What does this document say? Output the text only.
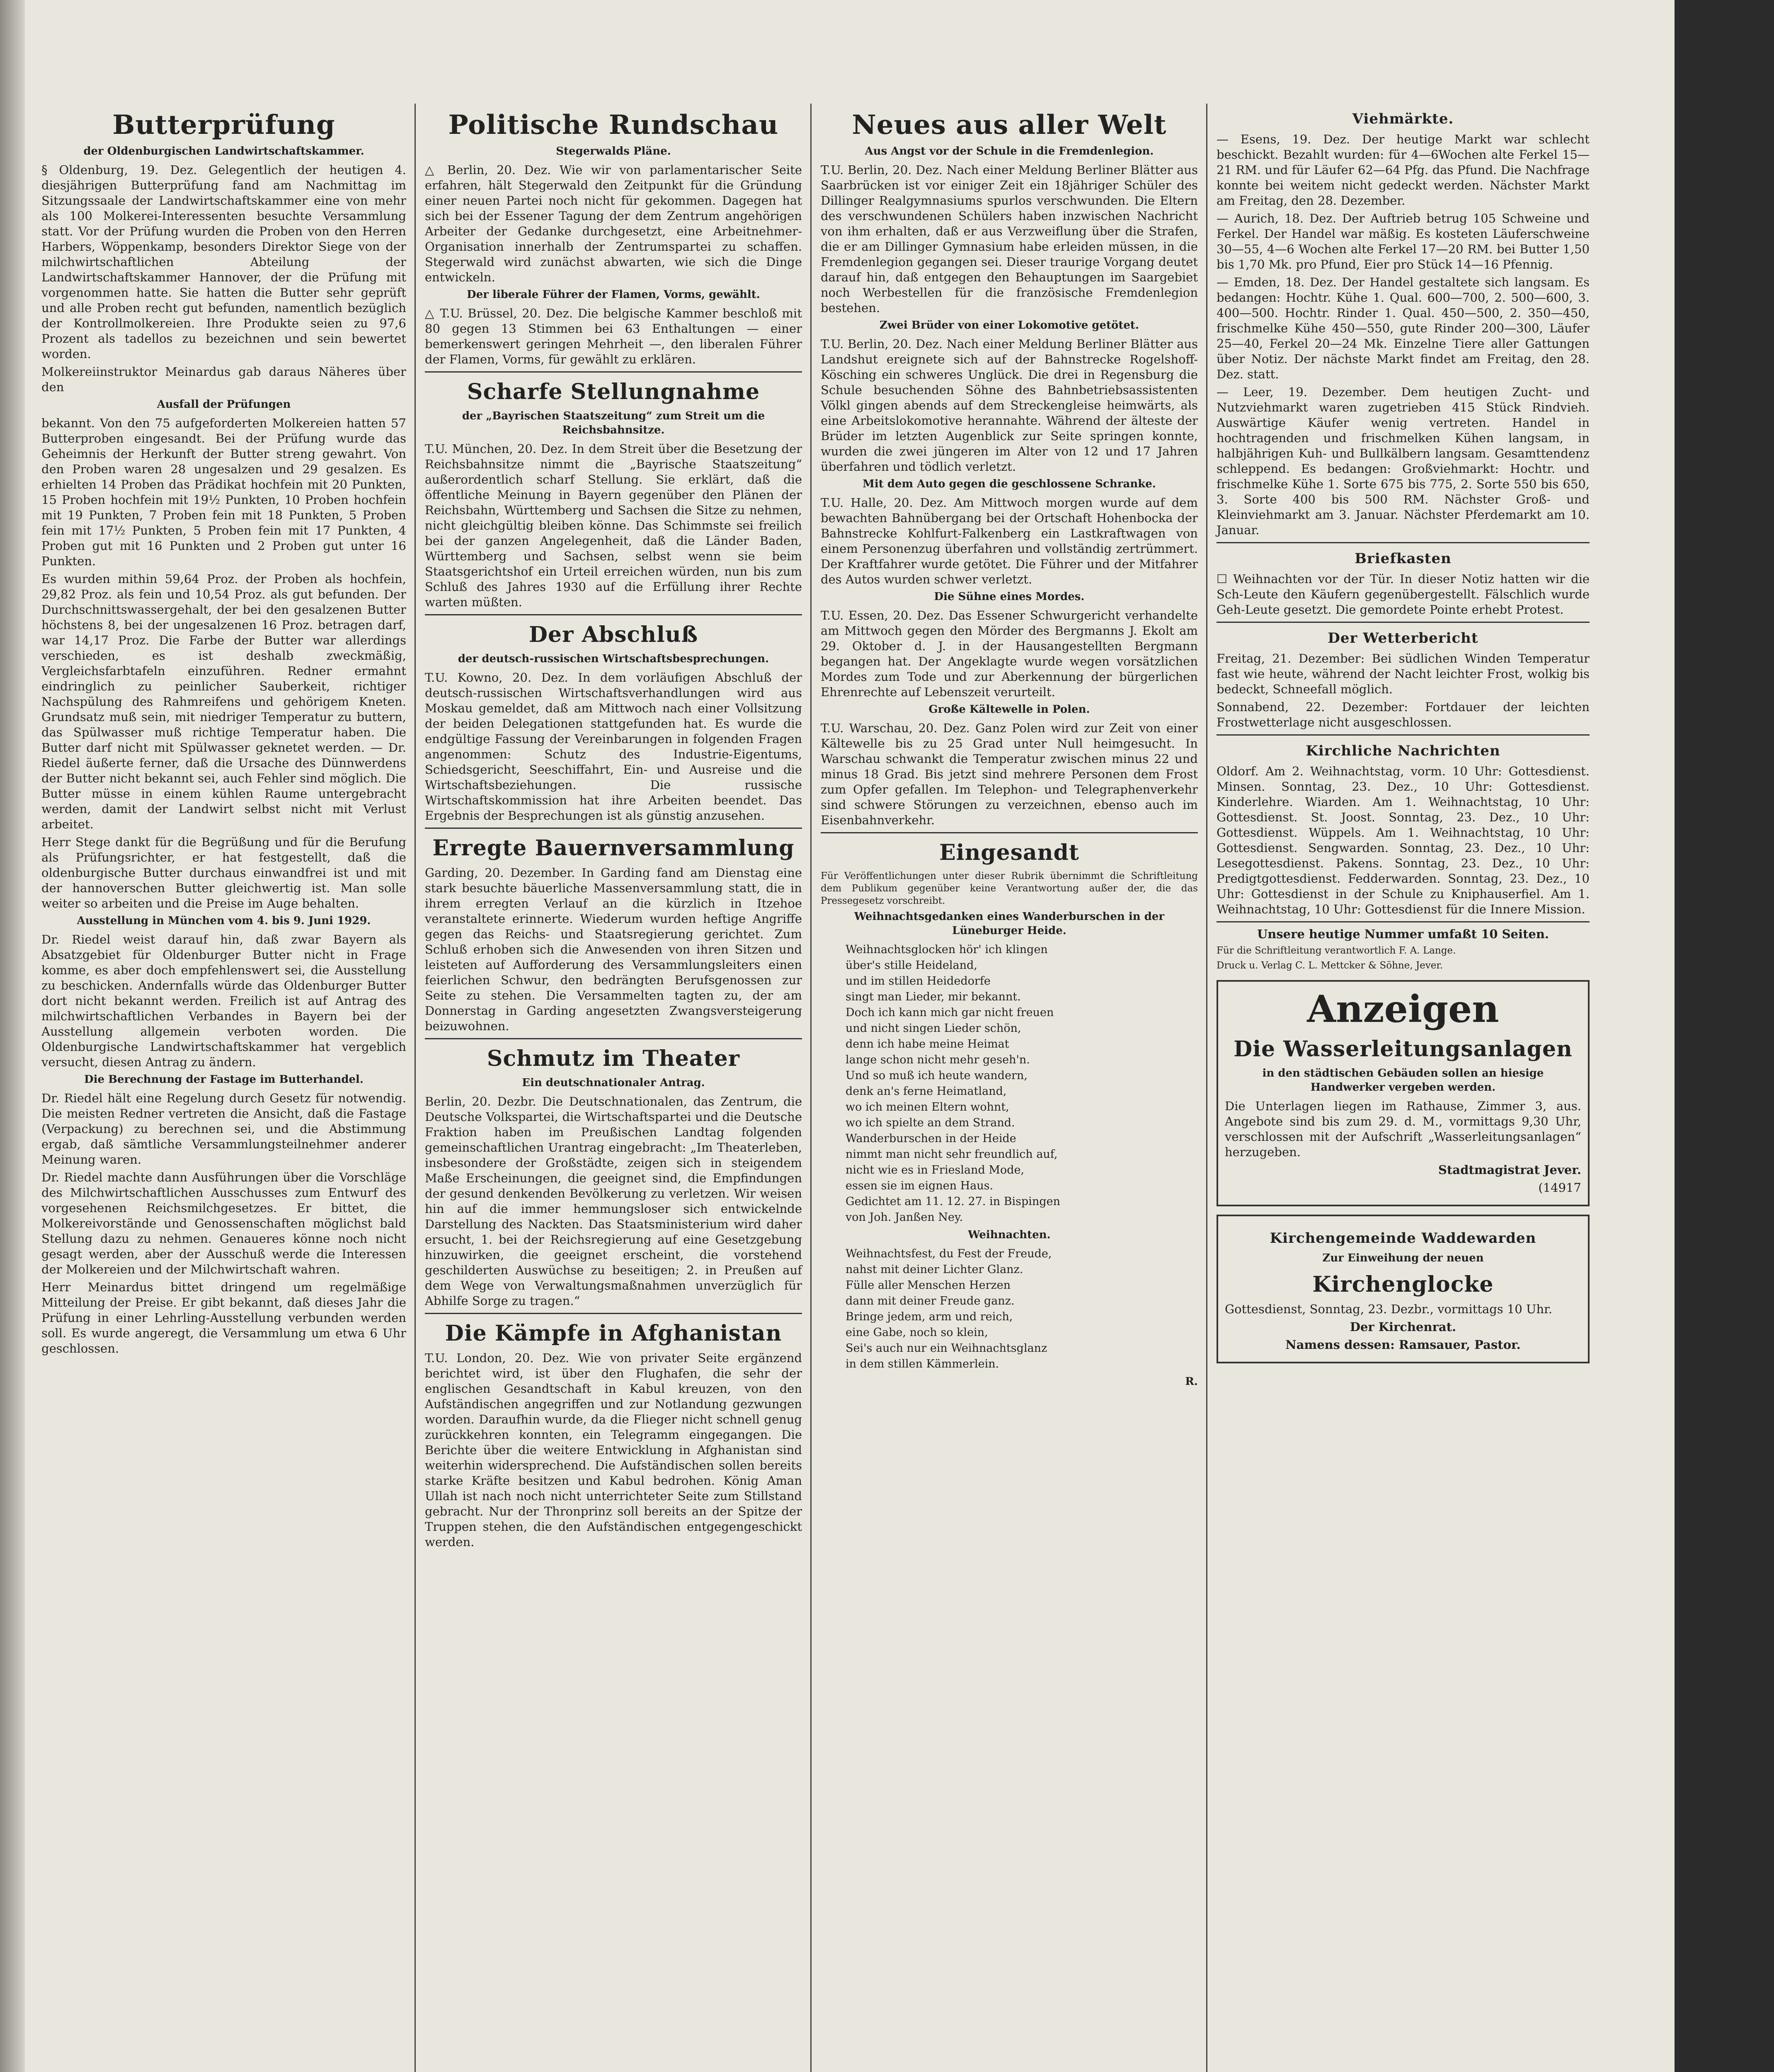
Butterprüfung
der Oldenburgischen Landwirtschaftskammer.

§ Oldenburg, 19. Dez. Gelegentlich der heutigen 4. diesjährigen Butterprüfung fand am Nachmittag im Sitzungssaale der Landwirtschaftskammer eine von mehr als 100 Molkerei-Interessenten besuchte Versammlung statt. Vor der Prüfung wurden die Proben von den Herren Harbers, Wöppenkamp, besonders Direktor Siege von der milchwirtschaftlichen Abteilung der Landwirtschaftskammer Hannover, der die Prüfung mit vorgenommen hatte. Sie hatten die Butter sehr geprüft und alle Proben recht gut befunden, namentlich bezüglich der Kontrollmolkereien. Ihre Produkte seien zu 97,6 Prozent als tadellos zu bezeichnen und sein bewertet worden.

Molkereiinstruktor Meinardus gab daraus Näheres über den

Ausfall der Prüfungen

bekannt. Von den 75 aufgeforderten Molkereien hatten 57 Butterproben eingesandt. Bei der Prüfung wurde das Geheimnis der Herkunft der Butter streng gewahrt. Von den Proben waren 28 ungesalzen und 29 gesalzen. Es erhielten 14 Proben das Prädikat hochfein mit 20 Punkten, 15 Proben hochfein mit 19½ Punkten, 10 Proben hochfein mit 19 Punkten, 7 Proben fein mit 18 Punkten, 5 Proben fein mit 17½ Punkten, 5 Proben fein mit 17 Punkten, 4 Proben gut mit 16 Punkten und 2 Proben gut unter 16 Punkten.

Es wurden mithin 59,64 Proz. der Proben als hochfein, 29,82 Proz. als fein und 10,54 Proz. als gut befunden. Der Durchschnittswassergehalt, der bei den gesalzenen Butter höchstens 8, bei der ungesalzenen 16 Proz. betragen darf, war 14,17 Proz. Die Farbe der Butter war allerdings verschieden, es ist deshalb zweckmäßig, Vergleichsfarbtafeln einzuführen. Redner ermahnt eindringlich zu peinlicher Sauberkeit, richtiger Nachspülung des Rahmreifens und gehörigem Kneten. Grundsatz muß sein, mit niedriger Temperatur zu buttern, das Spülwasser muß richtige Temperatur haben. Die Butter darf nicht mit Spülwasser geknetet werden. — Dr. Riedel äußerte ferner, daß die Ursache des Dünnwerdens der Butter nicht bekannt sei, auch Fehler sind möglich. Die Butter müsse in einem kühlen Raume untergebracht werden, damit der Landwirt selbst nicht mit Verlust arbeitet.

Herr Stege dankt für die Begrüßung und für die Berufung als Prüfungsrichter, er hat festgestellt, daß die oldenburgische Butter durchaus einwandfrei ist und mit der hannoverschen Butter gleichwertig ist. Man solle weiter so arbeiten und die Preise im Auge behalten.

Ausstellung in München vom 4. bis 9. Juni 1929.

Dr. Riedel weist darauf hin, daß zwar Bayern als Absatzgebiet für Oldenburger Butter nicht in Frage komme, es aber doch empfehlenswert sei, die Ausstellung zu beschicken. Andernfalls würde das Oldenburger Butter dort nicht bekannt werden. Freilich ist auf Antrag des milchwirtschaftlichen Verbandes in Bayern bei der Ausstellung allgemein verboten worden. Die Oldenburgische Landwirtschaftskammer hat vergeblich versucht, diesen Antrag zu ändern.

Die Berechnung der Fastage im Butterhandel.

Dr. Riedel hält eine Regelung durch Gesetz für notwendig. Die meisten Redner vertreten die Ansicht, daß die Fastage (Verpackung) zu berechnen sei, und die Abstimmung ergab, daß sämtliche Versammlungsteilnehmer anderer Meinung waren.

Dr. Riedel machte dann Ausführungen über die Vorschläge des Milchwirtschaftlichen Ausschusses zum Entwurf des vorgesehenen Reichsmilchgesetzes. Er bittet, die Molkereivorstände und Genossenschaften möglichst bald Stellung dazu zu nehmen. Genaueres könne noch nicht gesagt werden, aber der Ausschuß werde die Interessen der Molkereien und der Milchwirtschaft wahren.

Herr Meinardus bittet dringend um regelmäßige Mitteilung der Preise. Er gibt bekannt, daß dieses Jahr die Prüfung in einer Lehrling-Ausstellung verbunden werden soll. Es wurde angeregt, die Versammlung um etwa 6 Uhr geschlossen.

Politische Rundschau
Stegerwalds Pläne.

△ Berlin, 20. Dez. Wie wir von parlamentarischer Seite erfahren, hält Stegerwald den Zeitpunkt für die Gründung einer neuen Partei noch nicht für gekommen. Dagegen hat sich bei der Essener Tagung der dem Zentrum angehörigen Arbeiter der Gedanke durchgesetzt, eine Arbeitnehmer-Organisation innerhalb der Zentrumspartei zu schaffen. Stegerwald wird zunächst abwarten, wie sich die Dinge entwickeln.

Der liberale Führer der Flamen, Vorms, gewählt.

△ T.U. Brüssel, 20. Dez. Die belgische Kammer beschloß mit 80 gegen 13 Stimmen bei 63 Enthaltungen — einer bemerkenswert geringen Mehrheit —, den liberalen Führer der Flamen, Vorms, für gewählt zu erklären.

Scharfe Stellungnahme
der „Bayrischen Staatszeitung“ zum Streit um die Reichsbahnsitze.

T.U. München, 20. Dez. In dem Streit über die Besetzung der Reichsbahnsitze nimmt die „Bayrische Staatszeitung“ außerordentlich scharf Stellung. Sie erklärt, daß die öffentliche Meinung in Bayern gegenüber den Plänen der Reichsbahn, Württemberg und Sachsen die Sitze zu nehmen, nicht gleichgültig bleiben könne. Das Schimmste sei freilich bei der ganzen Angelegenheit, daß die Länder Baden, Württemberg und Sachsen, selbst wenn sie beim Staatsgerichtshof ein Urteil erreichen würden, nun bis zum Schluß des Jahres 1930 auf die Erfüllung ihrer Rechte warten müßten.

Der Abschluß
der deutsch-russischen Wirtschaftsbesprechungen.

T.U. Kowno, 20. Dez. In dem vorläufigen Abschluß der deutsch-russischen Wirtschaftsverhandlungen wird aus Moskau gemeldet, daß am Mittwoch nach einer Vollsitzung der beiden Delegationen stattgefunden hat. Es wurde die endgültige Fassung der Vereinbarungen in folgenden Fragen angenommen: Schutz des Industrie-Eigentums, Schiedsgericht, Seeschiffahrt, Ein- und Ausreise und die Wirtschaftsbeziehungen. Die russische Wirtschaftskommission hat ihre Arbeiten beendet. Das Ergebnis der Besprechungen ist als günstig anzusehen.

Erregte Bauernversammlung

Garding, 20. Dezember. In Garding fand am Dienstag eine stark besuchte bäuerliche Massenversammlung statt, die in ihrem erregten Verlauf an die kürzlich in Itzehoe veranstaltete erinnerte. Wiederum wurden heftige Angriffe gegen das Reichs- und Staatsregierung gerichtet. Zum Schluß erhoben sich die Anwesenden von ihren Sitzen und leisteten auf Aufforderung des Versammlungsleiters einen feierlichen Schwur, den bedrängten Berufsgenossen zur Seite zu stehen. Die Versammelten tagten zu, der am Donnerstag in Garding angesetzten Zwangsversteigerung beizuwohnen.

Schmutz im Theater
Ein deutschnationaler Antrag.

Berlin, 20. Dezbr. Die Deutschnationalen, das Zentrum, die Deutsche Volkspartei, die Wirtschaftspartei und die Deutsche Fraktion haben im Preußischen Landtag folgenden gemeinschaftlichen Urantrag eingebracht: „Im Theaterleben, insbesondere der Großstädte, zeigen sich in steigendem Maße Erscheinungen, die geeignet sind, die Empfindungen der gesund denkenden Bevölkerung zu verletzen. Wir weisen hin auf die immer hemmungsloser sich entwickelnde Darstellung des Nackten. Das Staatsministerium wird daher ersucht, 1. bei der Reichsregierung auf eine Gesetzgebung hinzuwirken, die geeignet erscheint, die vorstehend geschilderten Auswüchse zu beseitigen; 2. in Preußen auf dem Wege von Verwaltungsmaßnahmen unverzüglich für Abhilfe Sorge zu tragen.“

Die Kämpfe in Afghanistan

T.U. London, 20. Dez. Wie von privater Seite ergänzend berichtet wird, ist über den Flughafen, die sehr der englischen Gesandtschaft in Kabul kreuzen, von den Aufständischen angegriffen und zur Notlandung gezwungen worden. Daraufhin wurde, da die Flieger nicht schnell genug zurückkehren konnten, ein Telegramm eingegangen. Die Berichte über die weitere Entwicklung in Afghanistan sind weiterhin widersprechend. Die Aufständischen sollen bereits starke Kräfte besitzen und Kabul bedrohen. König Aman Ullah ist nach noch nicht unterrichteter Seite zum Stillstand gebracht. Nur der Thronprinz soll bereits an der Spitze der Truppen stehen, die den Aufständischen entgegengeschickt werden.

Neues aus aller Welt
Aus Angst vor der Schule in die Fremdenlegion.

T.U. Berlin, 20. Dez. Nach einer Meldung Berliner Blätter aus Saarbrücken ist vor einiger Zeit ein 18jähriger Schüler des Dillinger Realgymnasiums spurlos verschwunden. Die Eltern des verschwundenen Schülers haben inzwischen Nachricht von ihm erhalten, daß er aus Verzweiflung über die Strafen, die er am Dillinger Gymnasium habe erleiden müssen, in die Fremdenlegion gegangen sei. Dieser traurige Vorgang deutet darauf hin, daß entgegen den Behauptungen im Saargebiet noch Werbestellen für die französische Fremdenlegion bestehen.

Zwei Brüder von einer Lokomotive getötet.

T.U. Berlin, 20. Dez. Nach einer Meldung Berliner Blätter aus Landshut ereignete sich auf der Bahnstrecke Rogelshoff-Kösching ein schweres Unglück. Die drei in Regensburg die Schule besuchenden Söhne des Bahnbetriebsassistenten Völkl gingen abends auf dem Streckengleise heimwärts, als eine Arbeitslokomotive herannahte. Während der älteste der Brüder im letzten Augenblick zur Seite springen konnte, wurden die zwei jüngeren im Alter von 12 und 17 Jahren überfahren und tödlich verletzt.

Mit dem Auto gegen die geschlossene Schranke.

T.U. Halle, 20. Dez. Am Mittwoch morgen wurde auf dem bewachten Bahnübergang bei der Ortschaft Hohenbocka der Bahnstrecke Kohlfurt-Falkenberg ein Lastkraftwagen von einem Personenzug überfahren und vollständig zertrümmert. Der Kraftfahrer wurde getötet. Die Führer und der Mitfahrer des Autos wurden schwer verletzt.

Die Sühne eines Mordes.

T.U. Essen, 20. Dez. Das Essener Schwurgericht verhandelte am Mittwoch gegen den Mörder des Bergmanns J. Ekolt am 29. Oktober d. J. in der Hausangestellten Bergmann begangen hat. Der Angeklagte wurde wegen vorsätzlichen Mordes zum Tode und zur Aberkennung der bürgerlichen Ehrenrechte auf Lebenszeit verurteilt.

Große Kältewelle in Polen.

T.U. Warschau, 20. Dez. Ganz Polen wird zur Zeit von einer Kältewelle bis zu 25 Grad unter Null heimgesucht. In Warschau schwankt die Temperatur zwischen minus 22 und minus 18 Grad. Bis jetzt sind mehrere Personen dem Frost zum Opfer gefallen. Im Telephon- und Telegraphenverkehr sind schwere Störungen zu verzeichnen, ebenso auch im Eisenbahnverkehr.

Eingesandt

Für Veröffentlichungen unter dieser Rubrik übernimmt die Schriftleitung dem Publikum gegenüber keine Verantwortung außer der, die das Pressegesetz vorschreibt.

Weihnachtsgedanken eines Wanderburschen in der Lüneburger Heide.
Weihnachtsglocken hör' ich klingen
über's stille Heideland,
und im stillen Heidedorfe
singt man Lieder, mir bekannt.
Doch ich kann mich gar nicht freuen
und nicht singen Lieder schön,
denn ich habe meine Heimat
lange schon nicht mehr geseh'n.
Und so muß ich heute wandern,
denk an's ferne Heimatland,
wo ich meinen Eltern wohnt,
wo ich spielte an dem Strand.
Wanderburschen in der Heide
nimmt man nicht sehr freundlich auf,
nicht wie es in Friesland Mode,
essen sie im eignen Haus.
Gedichtet am 11. 12. 27. in Bispingen
von Joh. Janßen Ney.
Weihnachten.
Weihnachtsfest, du Fest der Freude,
nahst mit deiner Lichter Glanz.
Fülle aller Menschen Herzen
dann mit deiner Freude ganz.
Bringe jedem, arm und reich,
eine Gabe, noch so klein,
Sei's auch nur ein Weihnachtsglanz
in dem stillen Kämmerlein.
R.
Viehmärkte.

— Esens, 19. Dez. Der heutige Markt war schlecht beschickt. Bezahlt wurden: für 4—6Wochen alte Ferkel 15—21 RM. und für Läufer 62—64 Pfg. das Pfund. Die Nachfrage konnte bei weitem nicht gedeckt werden. Nächster Markt am Freitag, den 28. Dezember.

— Aurich, 18. Dez. Der Auftrieb betrug 105 Schweine und Ferkel. Der Handel war mäßig. Es kosteten Läuferschweine 30—55, 4—6 Wochen alte Ferkel 17—20 RM. bei Butter 1,50 bis 1,70 Mk. pro Pfund, Eier pro Stück 14—16 Pfennig.

— Emden, 18. Dez. Der Handel gestaltete sich langsam. Es bedangen: Hochtr. Kühe 1. Qual. 600—700, 2. 500—600, 3. 400—500. Hochtr. Rinder 1. Qual. 450—500, 2. 350—450, frischmelke Kühe 450—550, gute Rinder 200—300, Läufer 25—40, Ferkel 20—24 Mk. Einzelne Tiere aller Gattungen über Notiz. Der nächste Markt findet am Freitag, den 28. Dez. statt.

— Leer, 19. Dezember. Dem heutigen Zucht- und Nutzviehmarkt waren zugetrieben 415 Stück Rindvieh. Auswärtige Käufer wenig vertreten. Handel in hochtragenden und frischmelken Kühen langsam, in halbjährigen Kuh- und Bullkälbern langsam. Gesamttendenz schleppend. Es bedangen: Großviehmarkt: Hochtr. und frischmelke Kühe 1. Sorte 675 bis 775, 2. Sorte 550 bis 650, 3. Sorte 400 bis 500 RM. Nächster Groß- und Kleinviehmarkt am 3. Januar. Nächster Pferdemarkt am 10. Januar.

Briefkasten

☐ Weihnachten vor der Tür. In dieser Notiz hatten wir die Sch-Leute den Käufern gegenübergestellt. Fälschlich wurde Geh-Leute gesetzt. Die gemordete Pointe erhebt Protest.

Der Wetterbericht

Freitag, 21. Dezember: Bei südlichen Winden Temperatur fast wie heute, während der Nacht leichter Frost, wolkig bis bedeckt, Schneefall möglich.

Sonnabend, 22. Dezember: Fortdauer der leichten Frostwetterlage nicht ausgeschlossen.

Kirchliche Nachrichten

Oldorf. Am 2. Weihnachtstag, vorm. 10 Uhr: Gottesdienst. Minsen. Sonntag, 23. Dez., 10 Uhr: Gottesdienst. Kinderlehre. Wiarden. Am 1. Weihnachtstag, 10 Uhr: Gottesdienst. St. Joost. Sonntag, 23. Dez., 10 Uhr: Gottesdienst. Wüppels. Am 1. Weihnachtstag, 10 Uhr: Gottesdienst. Sengwarden. Sonntag, 23. Dez., 10 Uhr: Lesegottesdienst. Pakens. Sonntag, 23. Dez., 10 Uhr: Predigtgottesdienst. Fedderwarden. Sonntag, 23. Dez., 10 Uhr: Gottesdienst in der Schule zu Kniphauserfiel. Am 1. Weihnachtstag, 10 Uhr: Gottesdienst für die Innere Mission.

Unsere heutige Nummer umfaßt 10 Seiten.

Für die Schriftleitung verantwortlich F. A. Lange.

Druck u. Verlag C. L. Mettcker & Söhne, Jever.

Anzeigen
Die Wasserleitungsanlagen
in den städtischen Gebäuden sollen an hiesige Handwerker vergeben werden.

Die Unterlagen liegen im Rathause, Zimmer 3, aus. Angebote sind bis zum 29. d. M., vormittags 9,30 Uhr, verschlossen mit der Aufschrift „Wasserleitungsanlagen“ herzugeben.

Stadtmagistrat Jever.

(14917

Kirchengemeinde Waddewarden
Zur Einweihung der neuen
Kirchenglocke

Gottesdienst, Sonntag, 23. Dezbr., vormittags 10 Uhr.

Der Kirchenrat.

Namens dessen: Ramsauer, Pastor.
